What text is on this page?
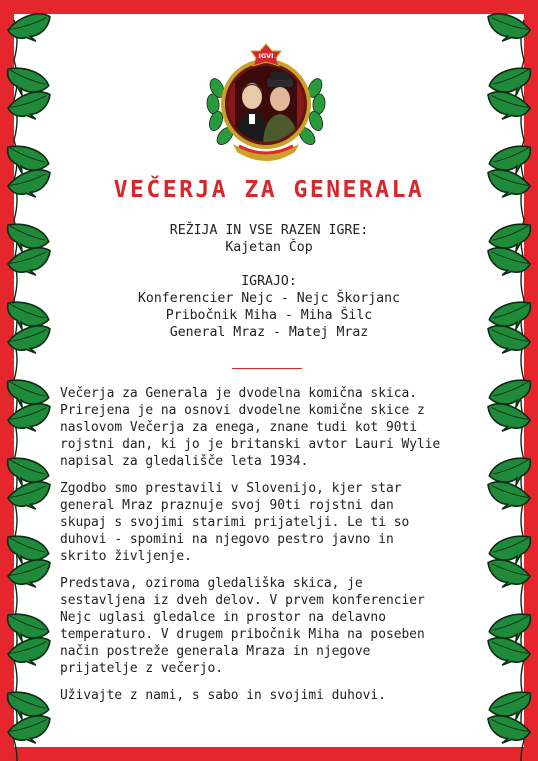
IGVI
VEČERJA ZA GENERALA
REŽIJA IN VSE RAZEN IGRE:
Kajetan Čop
IGRAJO:
Konferencier Nejc - Nejc Škorjanc
Pribočnik Miha - Miha Šilc
General Mraz - Matej Mraz

Večerja za Generala je dvodelna komična skica.
Prirejena je na osnovi dvodelne komične skice z
naslovom Večerja za enega, znane tudi kot 90ti
rojstni dan, ki jo je britanski avtor Lauri Wylie
napisal za gledališče leta 1934.

Zgodbo smo prestavili v Slovenijo, kjer star
general Mraz praznuje svoj 90ti rojstni dan
skupaj s svojimi starimi prijatelji. Le ti so
duhovi - spomini na njegovo pestro javno in
skrito življenje.

Predstava, oziroma gledališka skica, je
sestavljena iz dveh delov. V prvem konferencier
Nejc uglasi gledalce in prostor na delavno
temperaturo. V drugem pribočnik Miha na poseben
način postreže generala Mraza in njegove
prijatelje z večerjo.

Uživajte z nami, s sabo in svojimi duhovi.
